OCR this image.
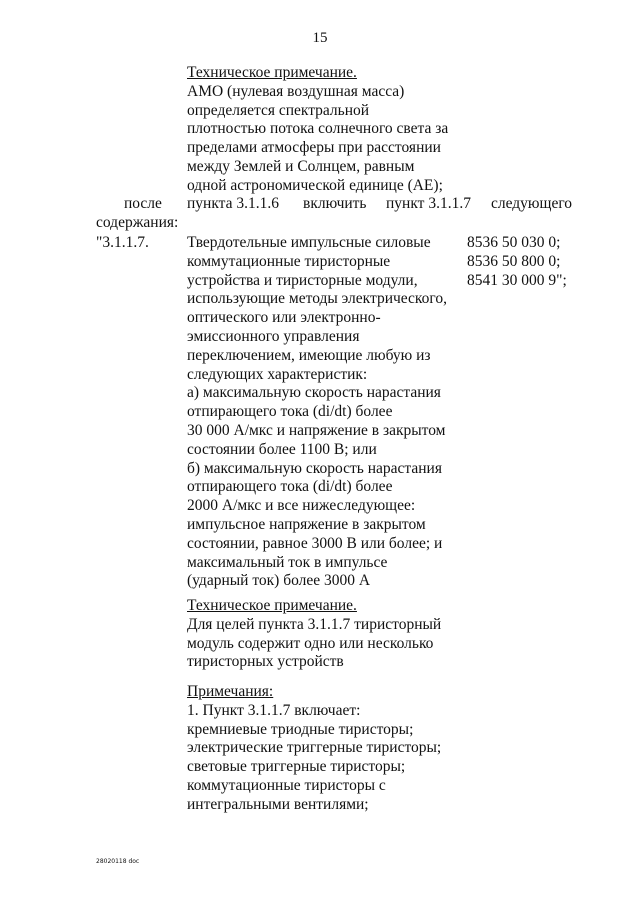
15
Техническое примечание.
АМО (нулевая воздушная масса)
определяется спектральной
плотностью потока солнечного света за
пределами атмосферы при расстоянии
между Землей и Солнцем, равным
одной астрономической единице (АЕ);
после пункта 3.1.1.6 включить пункт 3.1.1.7 следующего
содержания:
"3.1.1.7. Твердотельные импульсные силовые
коммутационные тиристорные
устройства и тиристорные модули,
использующие методы электрического,
оптического или электронно-
эмиссионного управления
переключением, имеющие любую из
следующих характеристик:
а) максимальную скорость нарастания
отпирающего тока (di/dt) более
30 000 А/мкс и напряжение в закрытом
состоянии более 1100 В; или
б) максимальную скорость нарастания
отпирающего тока (di/dt) более
2000 А/мкс и все нижеследующее:
импульсное напряжение в закрытом
состоянии, равное 3000 В или более; и
максимальный ток в импульсе
(ударный ток) более 3000 А
8536 50 030 0;
8536 50 800 0;
8541 30 000 9";
Техническое примечание.
Для целей пункта 3.1.1.7 тиристорный
модуль содержит одно или несколько
тиристорных устройств
Примечания:
1. Пункт 3.1.1.7 включает:
кремниевые триодные тиристоры;
электрические триггерные тиристоры;
световые триггерные тиристоры;
коммутационные тиристоры с
интегральными вентилями;
28020118 doc
